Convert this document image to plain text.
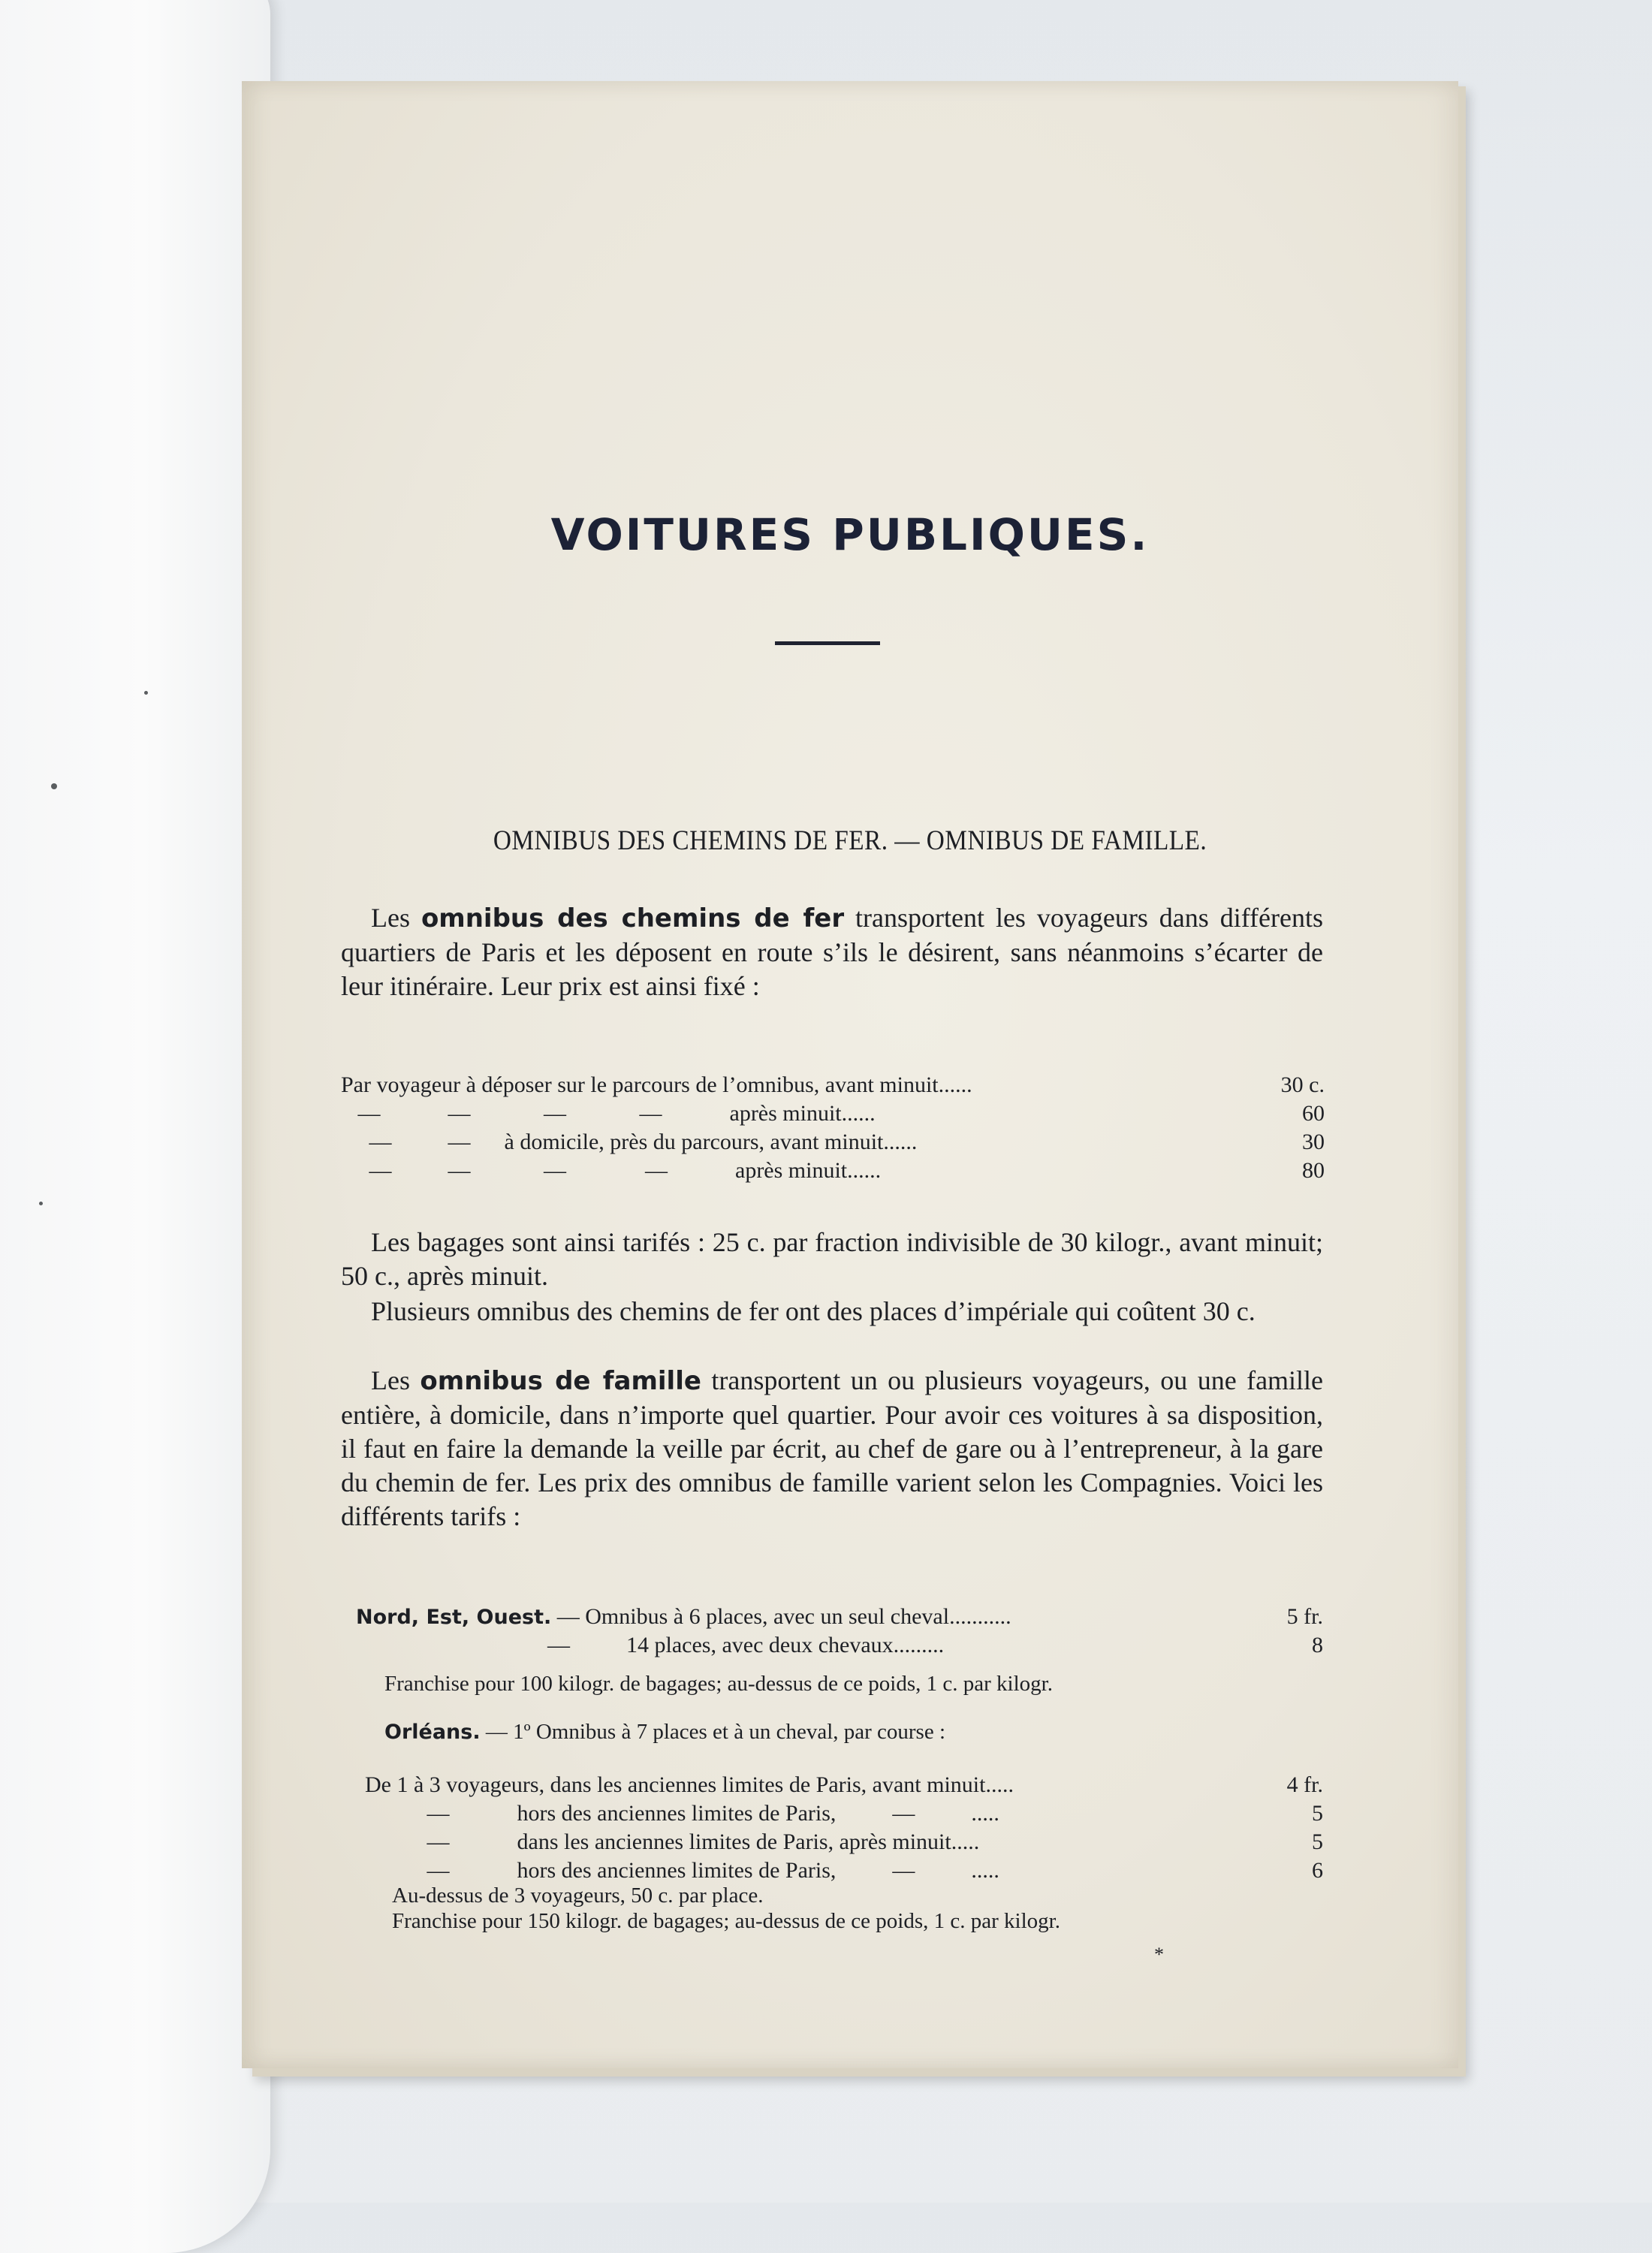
VOITURES PUBLIQUES.
OMNIBUS DES CHEMINS DE FER. — OMNIBUS DE FAMILLE.

Les omnibus des chemins de fer transportent les voyageurs dans différents quartiers de Paris et les déposent en route s’ils le désirent, sans néanmoins s’écarter de leur itinéraire. Leur prix est ainsi fixé :

Par voyageur à déposer sur le parcours de l’omnibus, avant minuit......	30 c.
—            —             —             —            après minuit......	60
—          —      à domicile, près du parcours, avant minuit......	30
—          —             —              —            après minuit......	80

Les bagages sont ainsi tarifés : 25 c. par fraction indivisible de 30 kilogr., avant minuit; 50 c., après minuit.

Plusieurs omnibus des chemins de fer ont des places d’impériale qui coûtent 30 c.

Les omnibus de famille transportent un ou plusieurs voyageurs, ou une famille entière, à domicile, dans n’importe quel quartier. Pour avoir ces voitures à sa disposition, il faut en faire la demande la veille par écrit, au chef de gare ou à l’entrepreneur, à la gare du chemin de fer. Les prix des omnibus de famille varient selon les Compagnies. Voici les différents tarifs :

Nord, Est, Ouest. — Omnibus à 6 places, avec un seul cheval...........	5 fr.
—          14 places, avec deux chevaux.........	8
Franchise pour 100 kilogr. de bagages; au-dessus de ce poids, 1 c. par kilogr.
Orléans. — 1º Omnibus à 7 places et à un cheval, par course :
De 1 à 3 voyageurs, dans les anciennes limites de Paris, avant minuit.....	4 fr.
—            hors des anciennes limites de Paris,          —          .....	5
—            dans les anciennes limites de Paris, après minuit.....	5
—            hors des anciennes limites de Paris,          —          .....	6
Au-dessus de 3 voyageurs, 50 c. par place.
Franchise pour 150 kilogr. de bagages; au-dessus de ce poids, 1 c. par kilogr.
*
